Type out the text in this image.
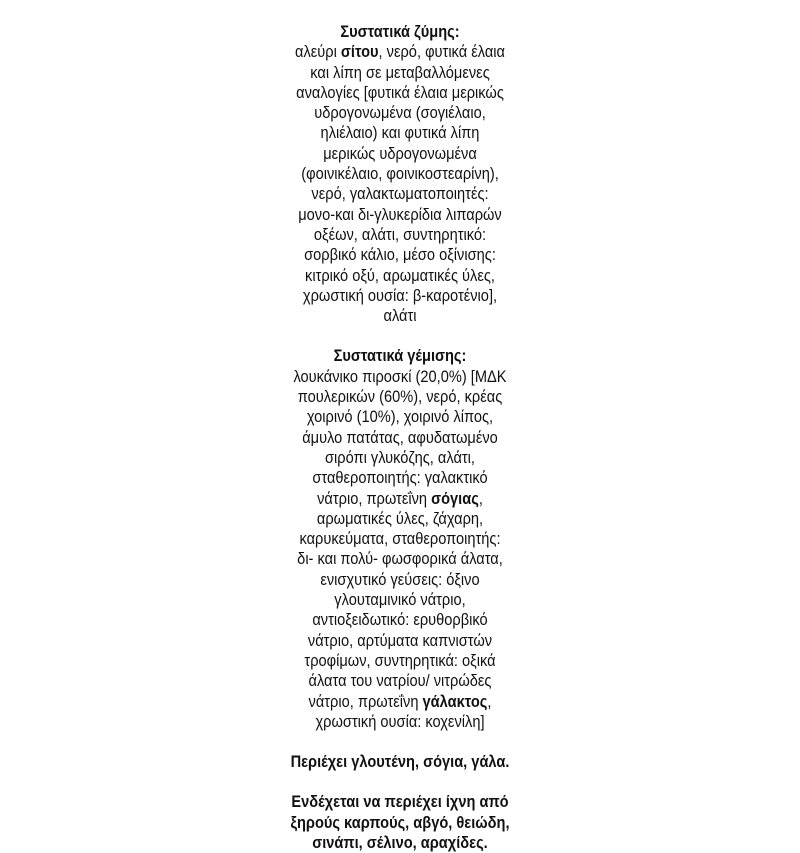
Συστατικά ζύμης:
αλεύρι σίτου, νερό, φυτικά έλαια
και λίπη σε μεταβαλλόμενες
αναλογίες [φυτικά έλαια μερικώς
υδρογονωμένα (σογιέλαιο,
ηλιέλαιο) και φυτικά λίπη
μερικώς υδρογονωμένα
(φοινικέλαιο, φοινικοστεαρίνη),
νερό, γαλακτωματοποιητές:
μονο-και δι-γλυκερίδια λιπαρών
οξέων, αλάτι, συντηρητικό:
σορβικό κάλιο, μέσο οξίνισης:
κιτρικό οξύ, αρωματικές ύλες,
χρωστική ουσία: β-καροτένιο],
αλάτι
Συστατικά γέμισης:
λουκάνικο πιροσκί (20,0%) [ΜΔΚ
πουλερικών (60%), νερό, κρέας
χοιρινό (10%), χοιρινό λίπος,
άμυλο πατάτας, αφυδατωμένο
σιρόπι γλυκόζης, αλάτι,
σταθεροποιητής: γαλακτικό
νάτριο, πρωτεΐνη σόγιας,
αρωματικές ύλες, ζάχαρη,
καρυκεύματα, σταθεροποιητής:
δι- και πολύ- φωσφορικά άλατα,
ενισχυτικό γεύσεις: όξινο
γλουταμινικό νάτριο,
αντιοξειδωτικό: ερυθορβικό
νάτριο, αρτύματα καπνιστών
τροφίμων, συντηρητικά: οξικά
άλατα του νατρίου/ νιτρώδες
νάτριο, πρωτεΐνη γάλακτος,
χρωστική ουσία: κοχενίλη]
Περιέχει γλουτένη, σόγια, γάλα.
Ενδέχεται να περιέχει ίχνη από
ξηρούς καρπούς, αβγό, θειώδη,
σινάπι, σέλινο, αραχίδες.
